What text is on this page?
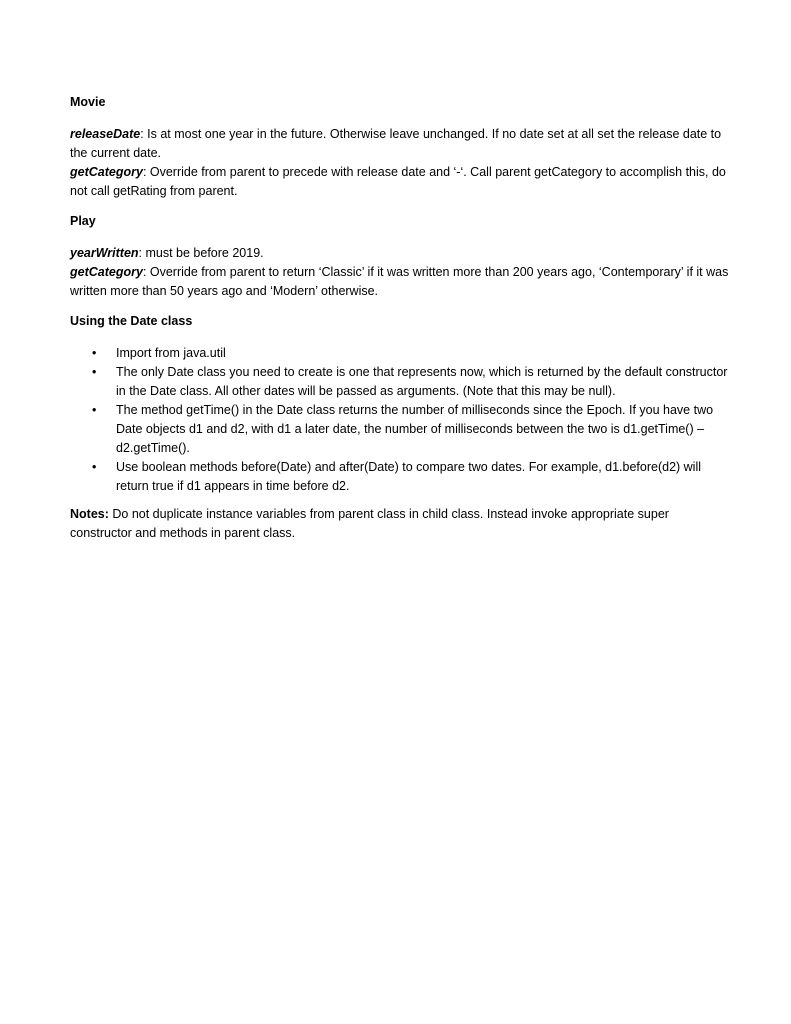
Movie

releaseDate: Is at most one year in the future. Otherwise leave unchanged. If no date set at all set the release date to the current date.

getCategory: Override from parent to precede with release date and ‘-‘. Call parent getCategory to accomplish this, do not call getRating from parent.

Play

yearWritten: must be before 2019.

getCategory: Override from parent to return ‘Classic’ if it was written more than 200 years ago, ‘Contemporary’ if it was written more than 50 years ago and ‘Modern’ otherwise.

Using the Date class

• Import from java.util
• The only Date class you need to create is one that represents now, which is returned by the default constructor in the Date class. All other dates will be passed as arguments. (Note that this may be null).
• The method getTime() in the Date class returns the number of milliseconds since the Epoch. If you have two Date objects d1 and d2, with d1 a later date, the number of milliseconds between the two is d1.getTime() – d2.getTime().
• Use boolean methods before(Date) and after(Date) to compare two dates. For example, d1.before(d2) will return true if d1 appears in time before d2.

Notes: Do not duplicate instance variables from parent class in child class. Instead invoke appropriate super constructor and methods in parent class.
